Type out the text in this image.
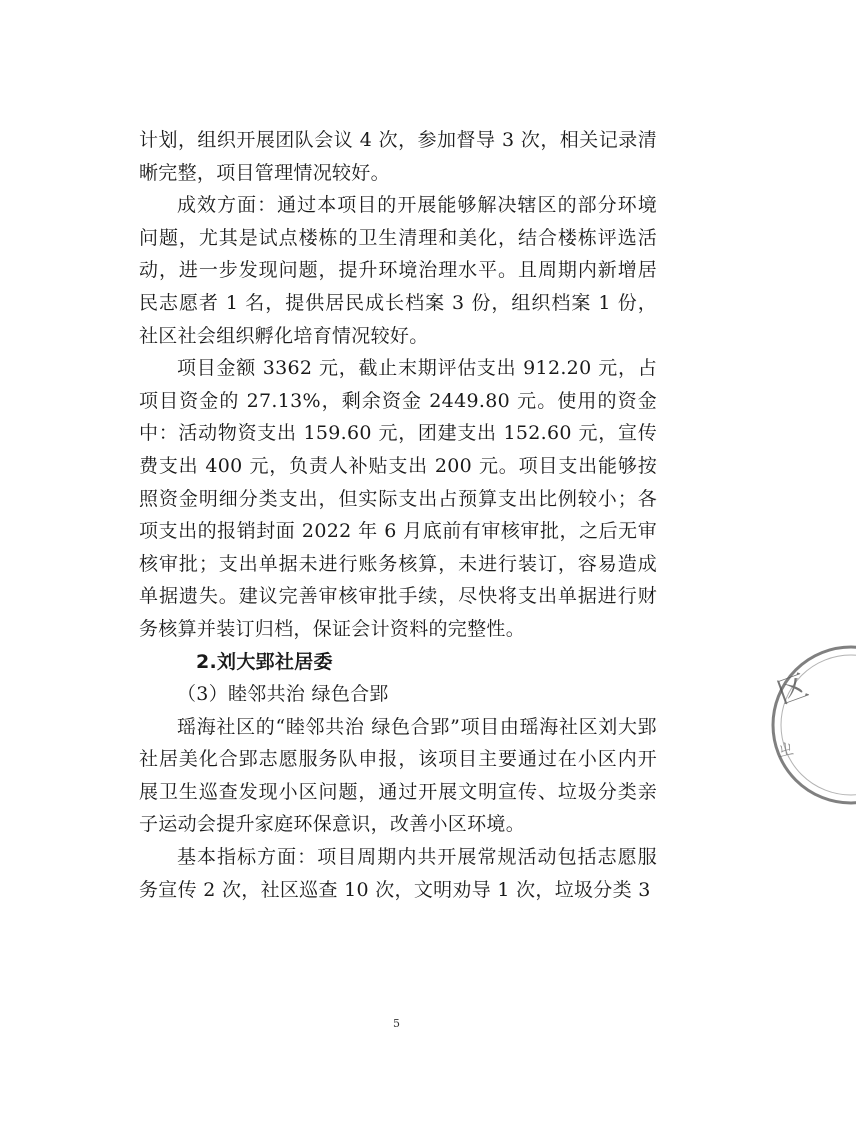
计划，组织开展团队会议 4 次，参加督导 3 次，相关记录清晰完整，项目管理情况较好。

成效方面：通过本项目的开展能够解决辖区的部分环境问题，尤其是试点楼栋的卫生清理和美化，结合楼栋评选活动，进一步发现问题，提升环境治理水平。且周期内新增居民志愿者 1 名，提供居民成长档案 3 份，组织档案 1 份，社区社会组织孵化培育情况较好。

项目金额 3362 元，截止末期评估支出 912.20 元，占项目资金的 27.13%，剩余资金 2449.80 元。使用的资金中：活动物资支出 159.60 元，团建支出 152.60 元，宣传费支出 400 元，负责人补贴支出 200 元。项目支出能够按照资金明细分类支出，但实际支出占预算支出比例较小；各项支出的报销封面 2022 年 6 月底前有审核审批，之后无审核审批；支出单据未进行账务核算，未进行装订，容易造成单据遗失。建议完善审核审批手续，尽快将支出单据进行财务核算并装订归档，保证会计资料的完整性。

2.刘大郢社居委

（3）睦邻共治 绿色合郢

瑶海社区的“睦邻共治 绿色合郢”项目由瑶海社区刘大郢社居美化合郢志愿服务队申报，该项目主要通过在小区内开展卫生巡查发现小区问题，通过开展文明宣传、垃圾分类亲子运动会提升家庭环保意识，改善小区环境。

基本指标方面：项目周期内共开展常规活动包括志愿服务宣传 2 次，社区巡查 10 次，文明劝导 1 次，垃圾分类 3

5
区
ㄓ
